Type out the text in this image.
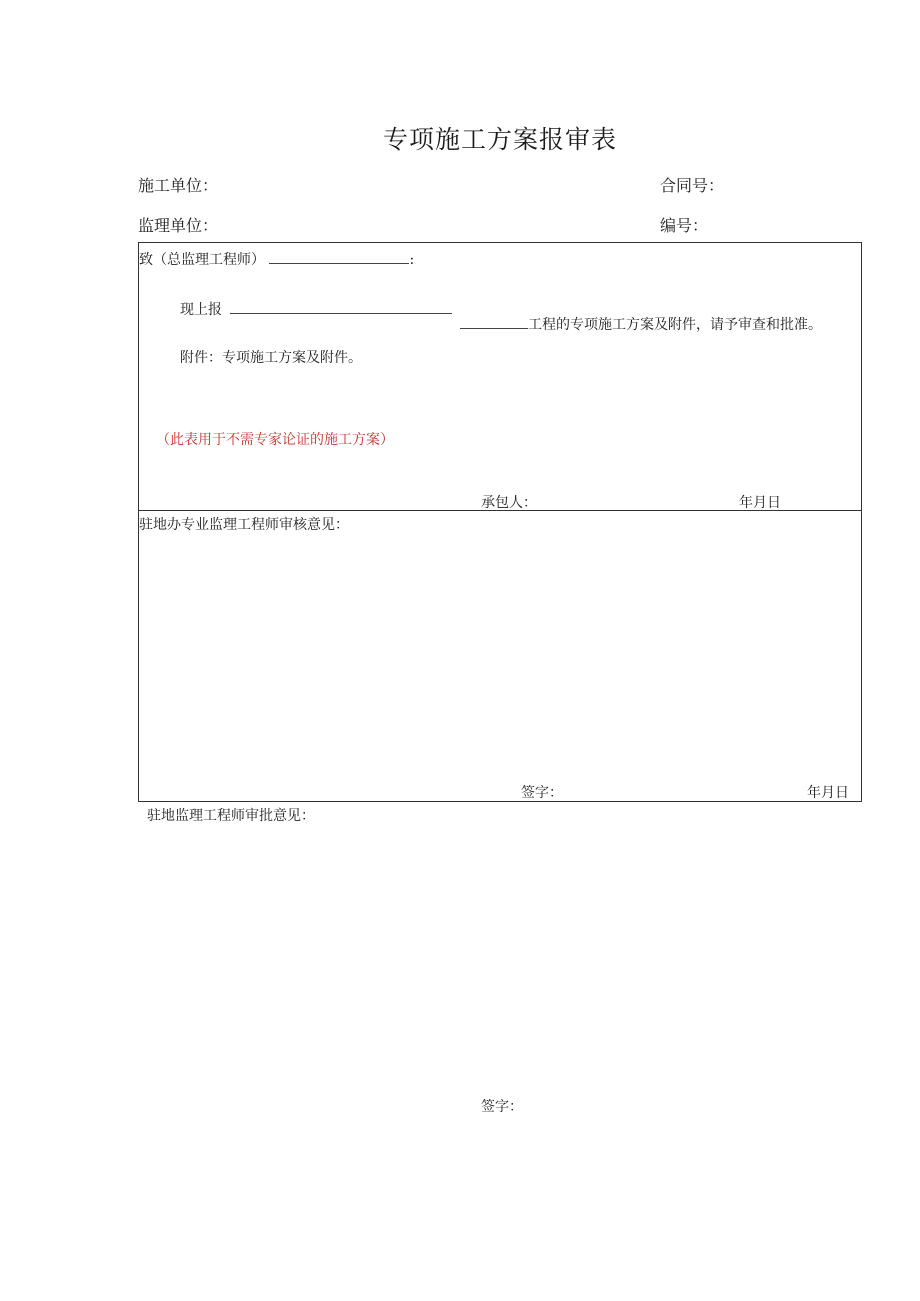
专项施工方案报审表
施工单位：	合同号：
监理单位：	编号：
致（总监理工程师）	:
现上报
工程的专项施工方案及附件，请予审查和批准。
附件：专项施工方案及附件。
（此表用于不需专家论证的施工方案）
承包人：	年月日
驻地办专业监理工程师审核意见：
签字：	年月日
驻地监理工程师审批意见：
签字：
